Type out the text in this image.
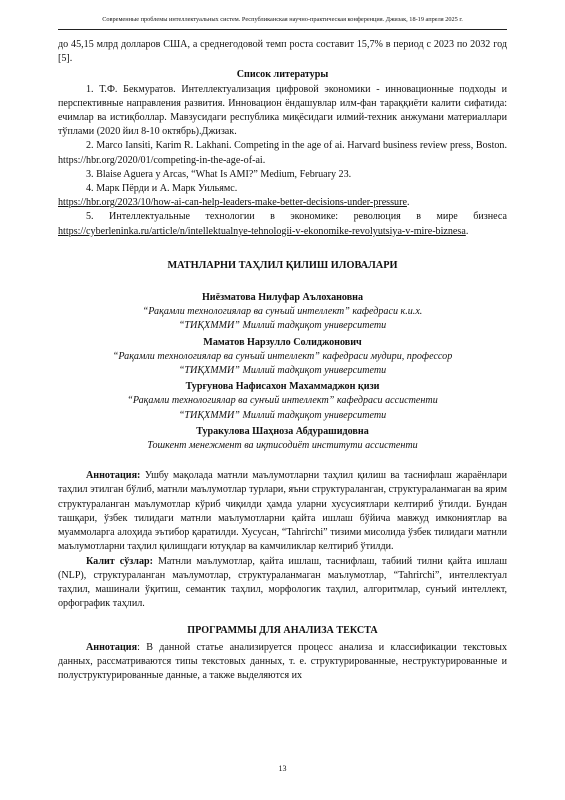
Современные проблемы интеллектуальных систем. Республиканская научно-практическая конференция. Джизак, 18-19 апреля 2025 г.

до 45,15 млрд долларов США, а среднегодовой темп роста составит 15,7% в период с 2023 по 2032 год [5].

Список литературы

1. Т.Ф. Бекмуратов. Интеллектуализация цифровой экономики - инновационные подходы и перспективные направления развития. Инновацион ёндашувлар илм-фан тараққиёти калити сифатида: ечимлар ва истиқболлар. Мавзусидаги республика миқёсидаги илмий-техник анжумани материаллари тўплами (2020 йил 8-10 октябрь).Джизак.

2. Marco Iansiti, Karim R. Lakhani. Competing in the age of ai. Harvard business review press, Boston. https://hbr.org/2020/01/competing-in-the-age-of-ai.

3. Blaise Aguera y Arcas, “What Is AMI?” Medium, February 23.

4. Марк Пёрди и А. Марк Уильямс.

https://hbr.org/2023/10/how-ai-can-help-leaders-make-better-decisions-under-pressure.

5. Интеллектуальные технологии в экономике: революция в мире бизнеса https://cyberleninka.ru/article/n/intellektualnye-tehnologii-v-ekonomike-revolyutsiya-v-mire-biznesa.

МАТНЛАРНИ ТАҲЛИЛ ҚИЛИШ ИЛОВАЛАРИ
Ниёзматова Нилуфар Аълохановна
“Рақамли технологиялар ва сунъий интеллект” кафедраси к.и.х.
“ТИҚХММИ” Миллий тадқиқот университети
Маматов Нарзулло Солиджонович
“Рақамли технологиялар ва сунъий интеллект” кафедраси мудири, профессор
“ТИҚХММИ” Миллий тадқиқот университети
Турғунова Нафисахон Махаммаджон қизи
“Рақамли технологиялар ва сунъий интеллект” кафедраси ассистенти
“ТИҚХММИ” Миллий тадқиқот университети
Туракулова Шаҳноза Абдурашидовна
Тошкент менежмент ва иқтисодиёт институти ассистенти

Аннотация: Ушбу мақолада матнли маълумотларни таҳлил қилиш ва таснифлаш жараёнлари таҳлил этилган бўлиб, матнли маълумотлар турлари, яъни структураланган, структураланмаган ва ярим структураланган маълумотлар кўриб чиқилди ҳамда уларни хусусиятлари келтириб ўтилди. Бундан ташқари, ўзбек тилидаги матнли маълумотларни қайта ишлаш бўйича мавжуд имкониятлар ва муаммоларга алоҳида эътибор қаратилди. Хусусан, “Tahrirchi” тизими мисолида ўзбек тилидаги матнли маълумотларни таҳлил қилишдаги ютуқлар ва камчиликлар келтириб ўтилди.

Калит сўзлар: Матнли маълумотлар, қайта ишлаш, таснифлаш, табиий тилни қайта ишлаш (NLP), структураланган маълумотлар, структураланмаган маълумотлар, “Tahrirchi”, интеллектуал таҳлил, машинали ўқитиш, семантик таҳлил, морфологик таҳлил, алгоритмлар, сунъий интеллект, орфографик таҳлил.

ПРОГРАММЫ ДЛЯ АНАЛИЗА ТЕКСТА

Аннотация: В данной статье анализируется процесс анализа и классификации текстовых данных, рассматриваются типы текстовых данных, т. е. структурированные, неструктурированные и полуструктурированные данные, а также выделяются их

13
